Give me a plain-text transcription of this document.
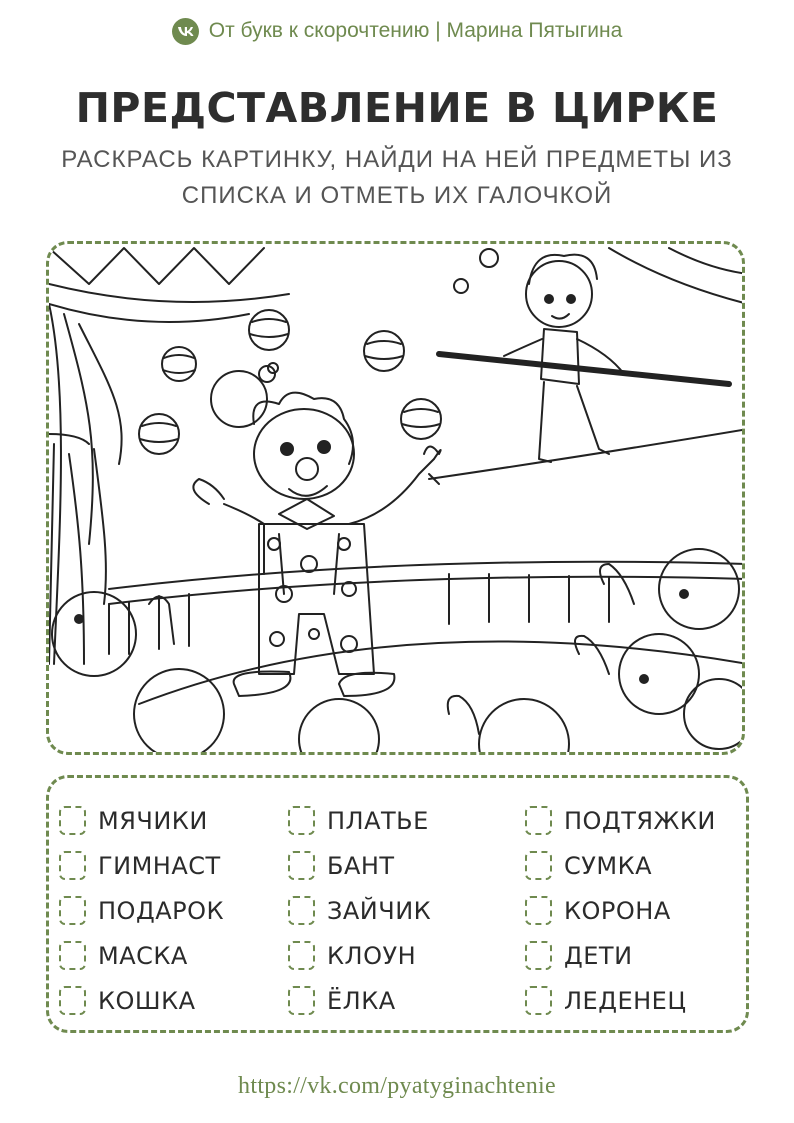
От букв к скорочтению | Марина Пятыгина
ПРЕДСТАВЛЕНИЕ В ЦИРКЕ
РАСКРАСЬ КАРТИНКУ, НАЙДИ НА НЕЙ ПРЕДМЕТЫ ИЗ
СПИСКА И ОТМЕТЬ ИХ ГАЛОЧКОЙ
МЯЧИКИ
ГИМНАСТ
ПОДАРОК
МАСКА
КОШКА
ПЛАТЬЕ
БАНТ
ЗАЙЧИК
КЛОУН
ЁЛКА
ПОДТЯЖКИ
СУМКА
КОРОНА
ДЕТИ
ЛЕДЕНЕЦ
https://vk.com/pyatyginachtenie
